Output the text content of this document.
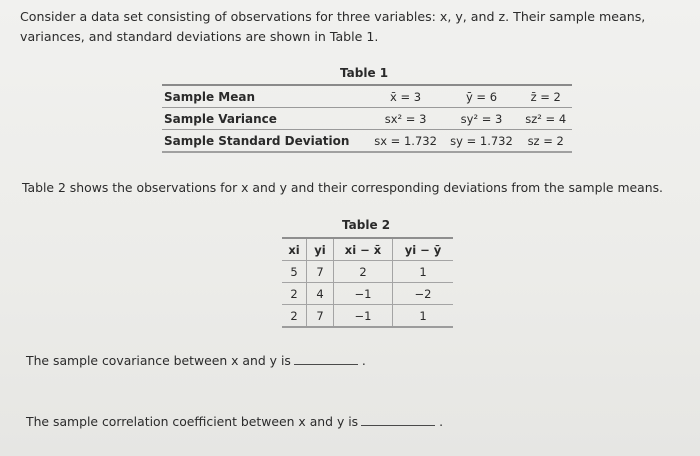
Consider a data set consisting of observations for three variables: x, y, and z. Their sample means, variances, and standard deviations are shown in Table 1.
Table 1
Sample Mean	x̄ = 3	ȳ = 6	z̄ = 2
Sample Variance	sx² = 3	sy² = 3	sz² = 4
Sample Standard Deviation	sx = 1.732	sy = 1.732	sz = 2
Table 2 shows the observations for x and y and their corresponding deviations from the sample means.
Table 2
xi	yi	xi − x̄	yi − ȳ
5	7	2	1
2	4	−1	−2
2	7	−1	1
The sample covariance between x and y is	.
The sample correlation coefficient between x and y is	.
